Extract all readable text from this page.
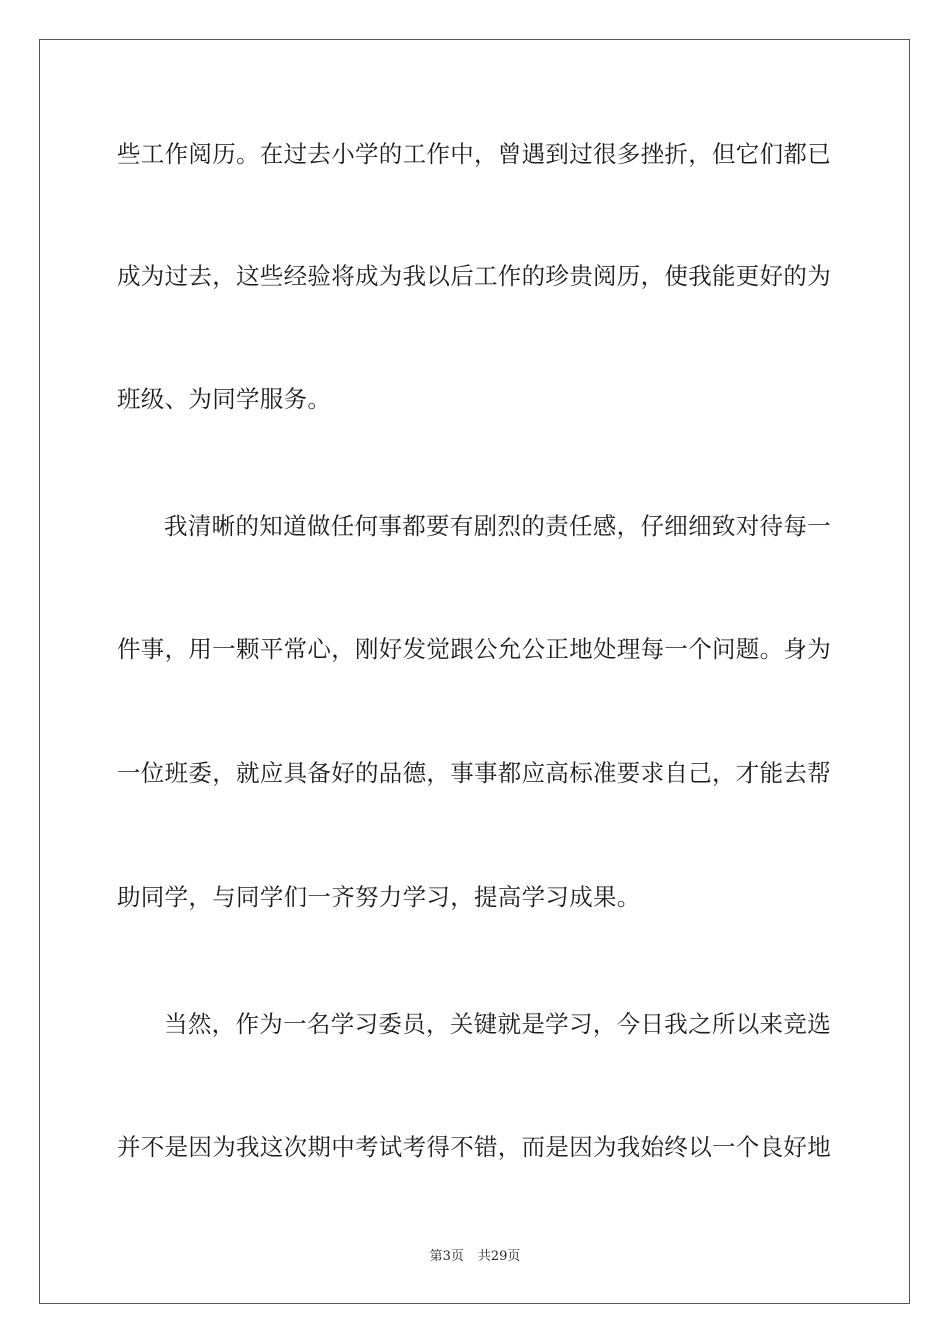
些工作阅历。在过去小学的工作中，曾遇到过很多挫折，但它们都已
成为过去，这些经验将成为我以后工作的珍贵阅历，使我能更好的为
班级、为同学服务。
我清晰的知道做任何事都要有剧烈的责任感，仔细细致对待每一
件事，用一颗平常心，刚好发觉跟公允公正地处理每一个问题。身为
一位班委，就应具备好的品德，事事都应高标准要求自己，才能去帮
助同学，与同学们一齐努力学习，提高学习成果。
当然，作为一名学习委员，关键就是学习，今日我之所以来竞选
并不是因为我这次期中考试考得不错，而是因为我始终以一个良好地
第3页 共29页
